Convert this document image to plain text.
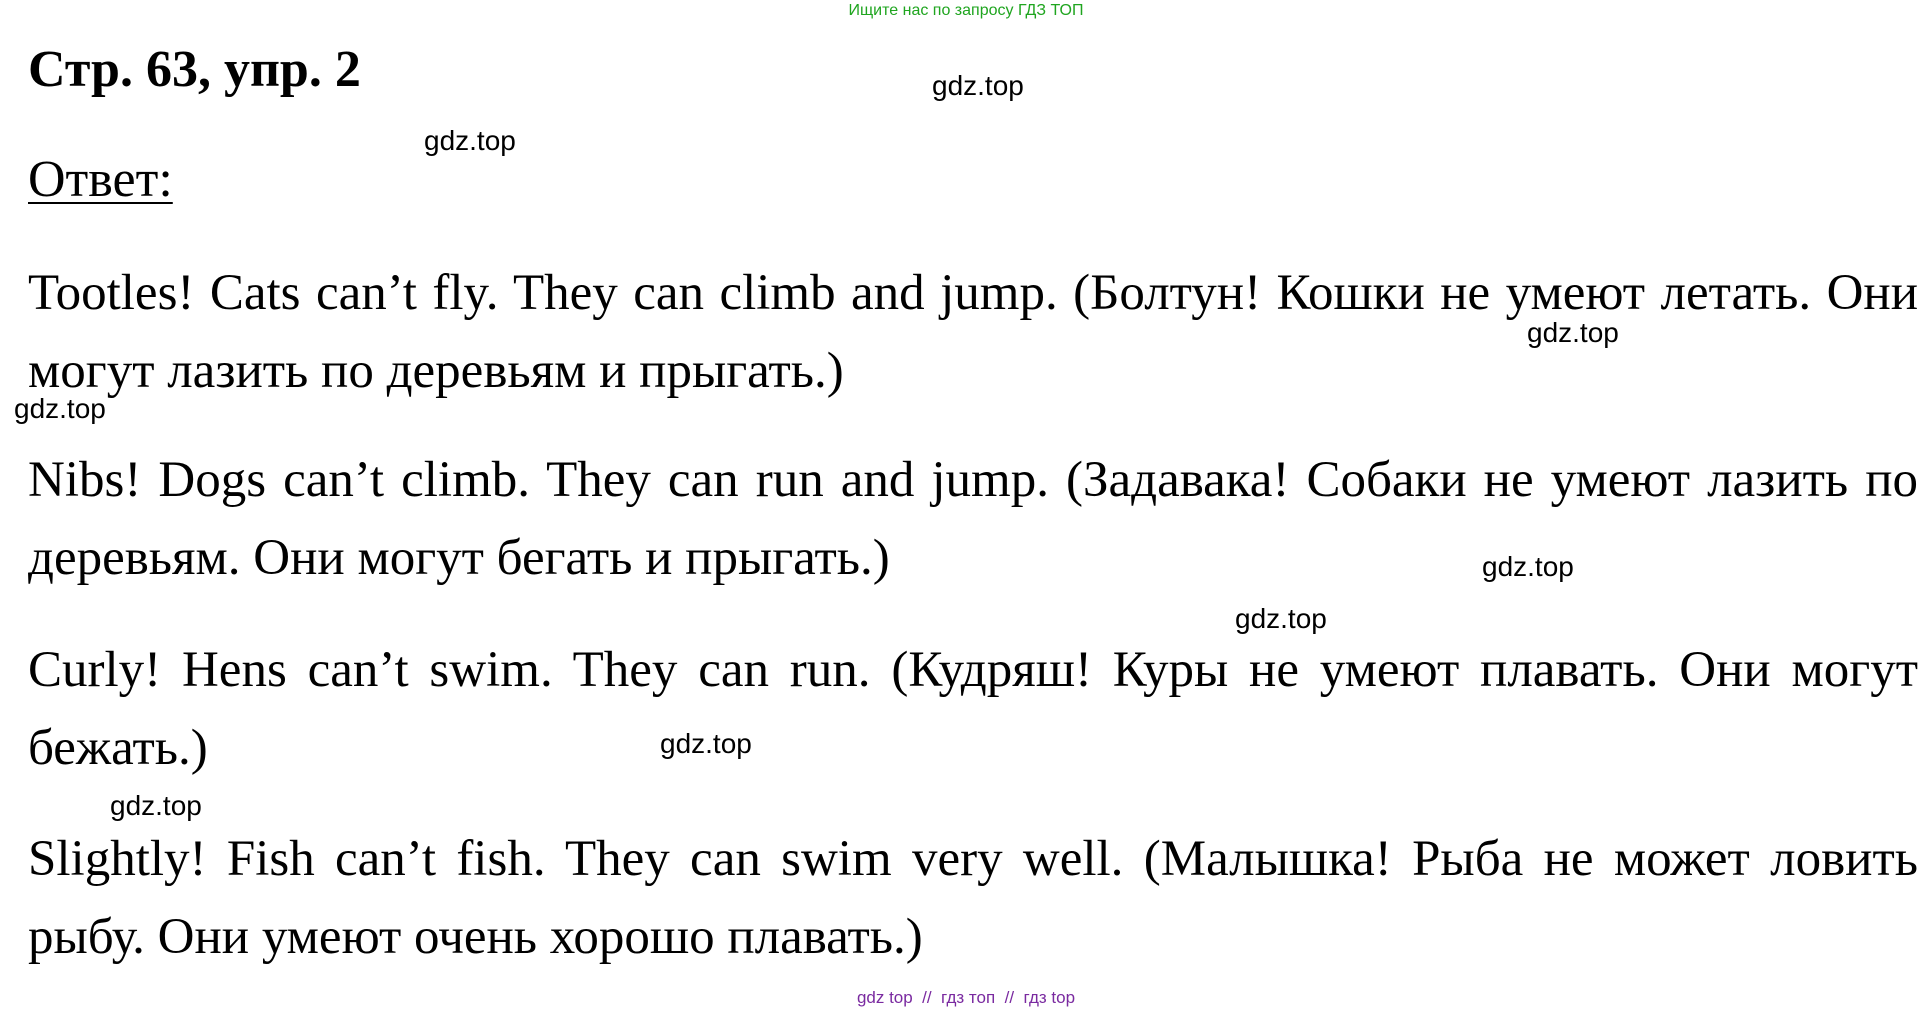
Ищите нас по запросу ГДЗ ТОП
Стр. 63, упр. 2
Ответ:

Tootles! Cats can’t fly. They can climb and jump. (Болтун! Кошки не умеют летать. Они могут лазить по деревьям и прыгать.)

Nibs! Dogs can’t climb. They can run and jump. (Задавака! Собаки не умеют лазить по деревьям. Они могут бегать и прыгать.)

Curly! Hens can’t swim. They can run. (Кудряш! Куры не умеют плавать. Они могут бежать.)

Slightly! Fish can’t fish. They can swim very well. (Малышка! Рыба не может ловить рыбу. Они умеют очень хорошо плавать.)

gdz.top
gdz.top
gdz.top
gdz.top
gdz.top
gdz.top
gdz.top
gdz.top
gdz top  //  гдз топ  //  гдз top
